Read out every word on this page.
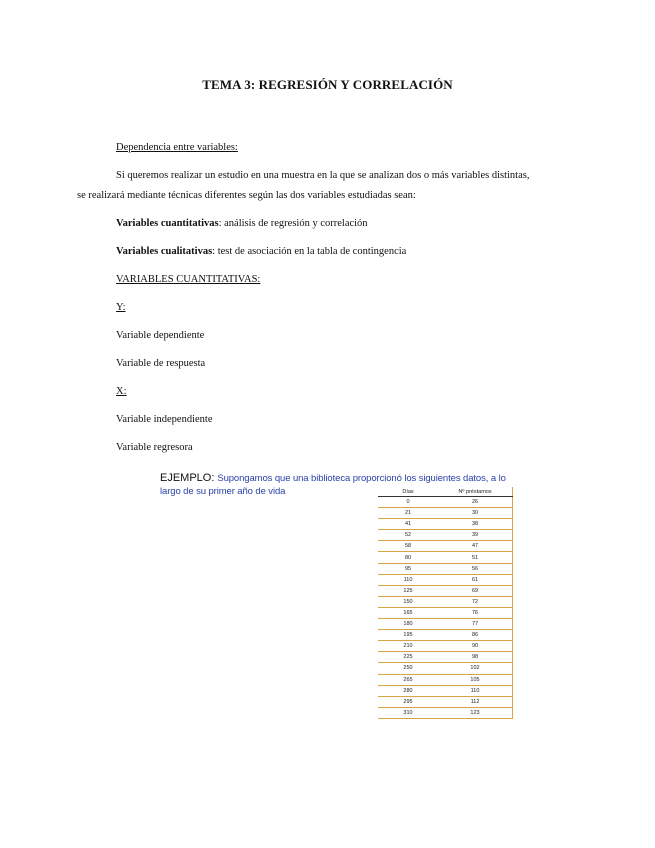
TEMA 3: REGRESIÓN Y CORRELACIÓN
Dependencia entre variables:
Si queremos realizar un estudio en una muestra en la que se analizan dos o más variables distintas,
se realizará mediante técnicas diferentes según las dos variables estudiadas sean:
Variables cuantitativas: análisis de regresión y correlación
Variables cualitativas: test de asociación en la tabla de contingencia
VARIABLES CUANTITATIVAS:
Y:
Variable dependiente
Variable de respuesta
X:
Variable independiente
Variable regresora
EJEMPLO: Supongamos que una biblioteca proporcionó los siguientes datos, a lo
largo de su primer año de vida	Días	Nº préstamos
0	26
21	30
41	38
52	39
58	47
80	51
95	56
110	61
125	69
150	72
165	76
180	77
195	86
210	90
225	98
250	102
265	105
280	110
295	112
310	123
